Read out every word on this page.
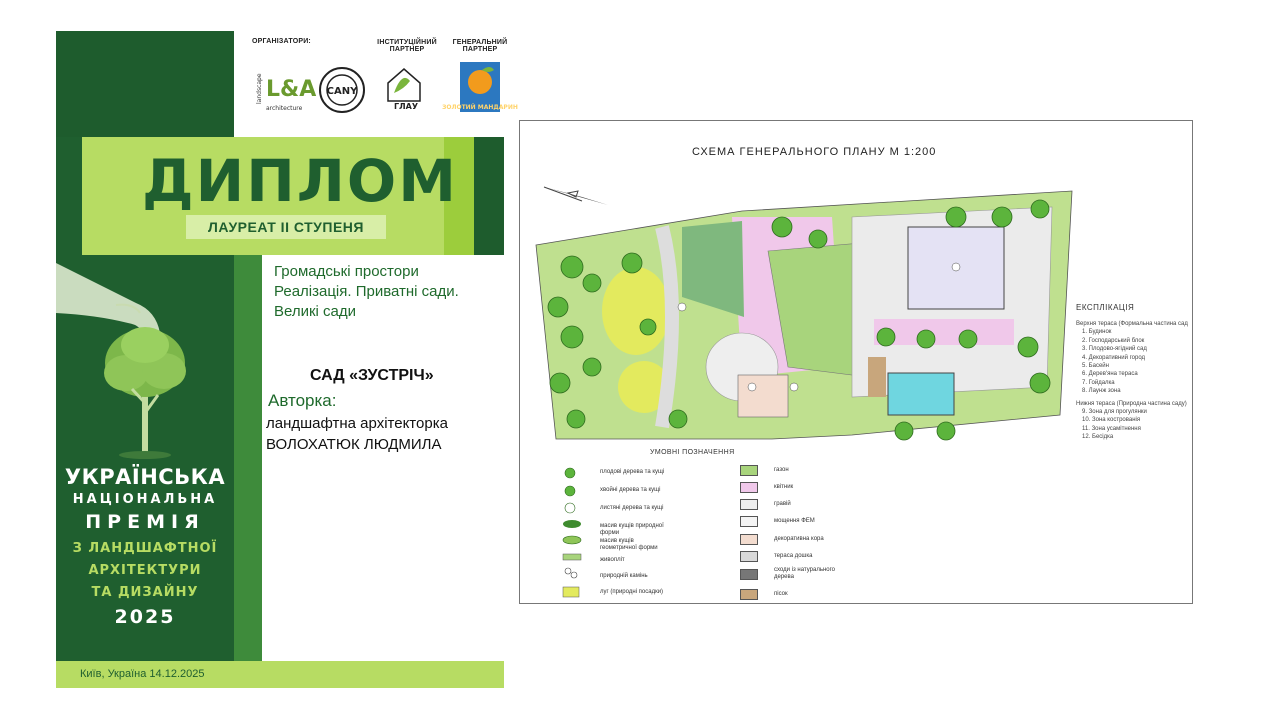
ОРГАНІЗАТОРИ:	ІНСТИТУЦІЙНИЙ ПАРТНЕР
ГЕНЕРАЛЬНИЙ ПАРТНЕР
L&A
landscape
architecture
CANY
ГЛАУ	ЗОЛОТИЙ МАНДАРИН
ДИПЛОМ
ЛАУРЕАТ ІІ СТУПЕНЯ
Громадські простори
Реалізація. Приватні сади.
Великі сади
САД «ЗУСТРІЧ»
Авторка:
ландшафтна архітекторка
ВОЛОХАТЮК ЛЮДМИЛА
УКРАЇНСЬКА
НАЦІОНАЛЬНА
ПРЕМІЯ
З ЛАНДШАФТНОЇ
АРХІТЕКТУРИ
ТА ДИЗАЙНУ
2025
Київ, Україна 14.12.2025
СХЕМА ГЕНЕРАЛЬНОГО ПЛАНУ М 1:200
ЕКСПЛІКАЦІЯ
Верхня тераса (Формальна частина сад
1. Будинок
2. Господарський блок
3. Плодово-ягідний сад
4. Декоративний город
5. Басейн
6. Дерев'яна тераса
7. Гойдалка
8. Лаунж зона
Нижня тераса (Природна частина саду)
9. Зона для прогулянки
10. Зона кострованія
11. Зона усамітнення
12. Бесідка
УМОВНІ ПОЗНАЧЕННЯ
плодові дерева та кущі
хвойні дерева та кущі
листяні дерева та кущі
масив кущів природної форми
масив кущів геометричної форми
живопліт
природній камінь
луг (природні посадки)
газон
квітник
гравій
мощення ФЕМ
декоративна кора
тераса дошка
сходи із натурального дерева
пісок
